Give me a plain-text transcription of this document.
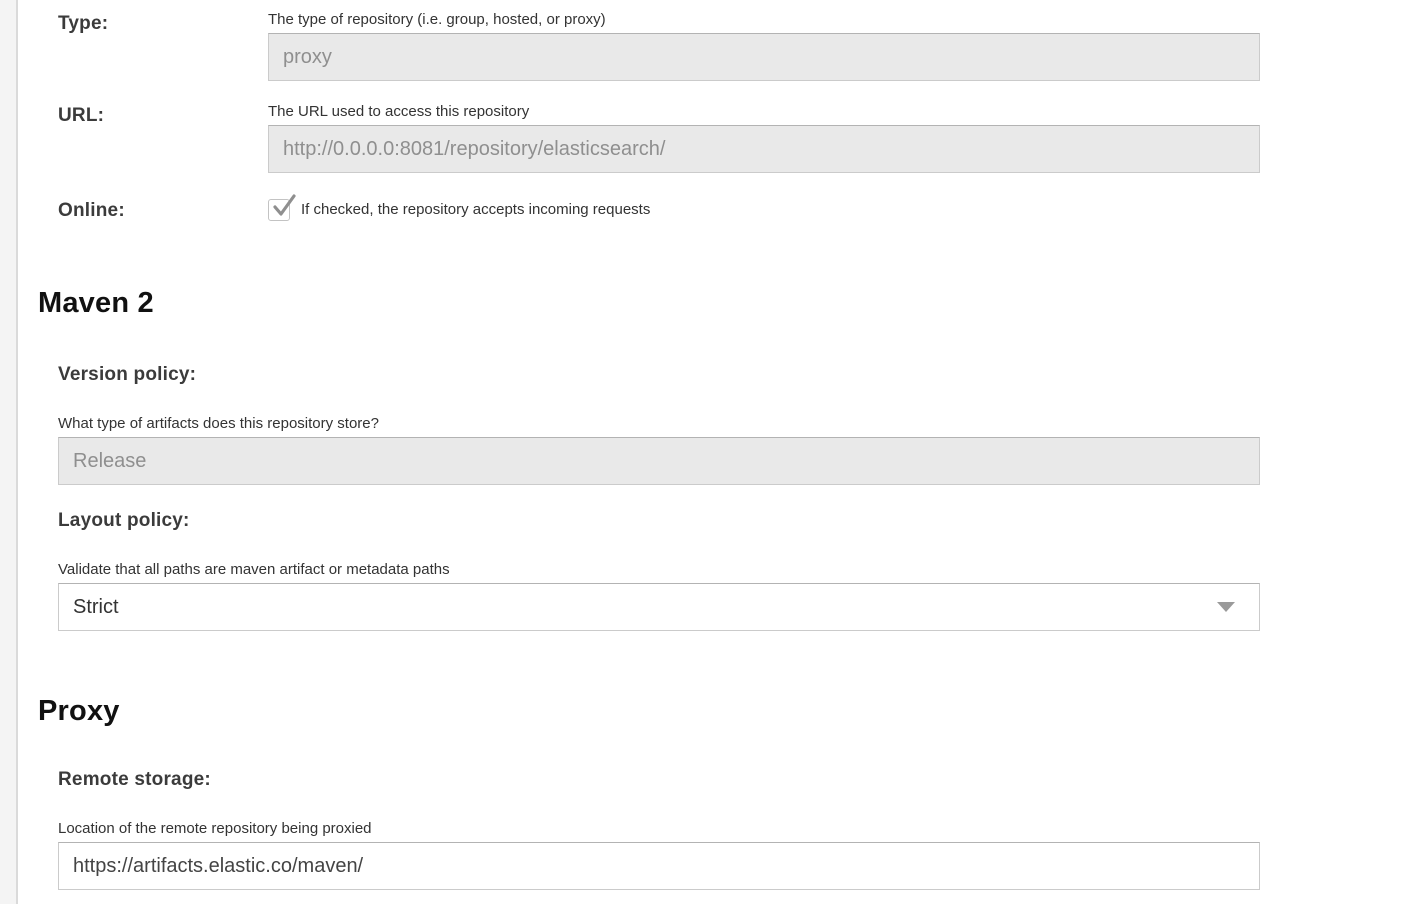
Type:	The type of repository (i.e. group, hosted, or proxy)
proxy
URL:	The URL used to access this repository
http://0.0.0.0:8081/repository/elasticsearch/
Online:	If checked, the repository accepts incoming requests
Maven 2
Version policy:
What type of artifacts does this repository store?
Release
Layout policy:
Validate that all paths are maven artifact or metadata paths
Strict
Proxy
Remote storage:
Location of the remote repository being proxied
https://artifacts.elastic.co/maven/
